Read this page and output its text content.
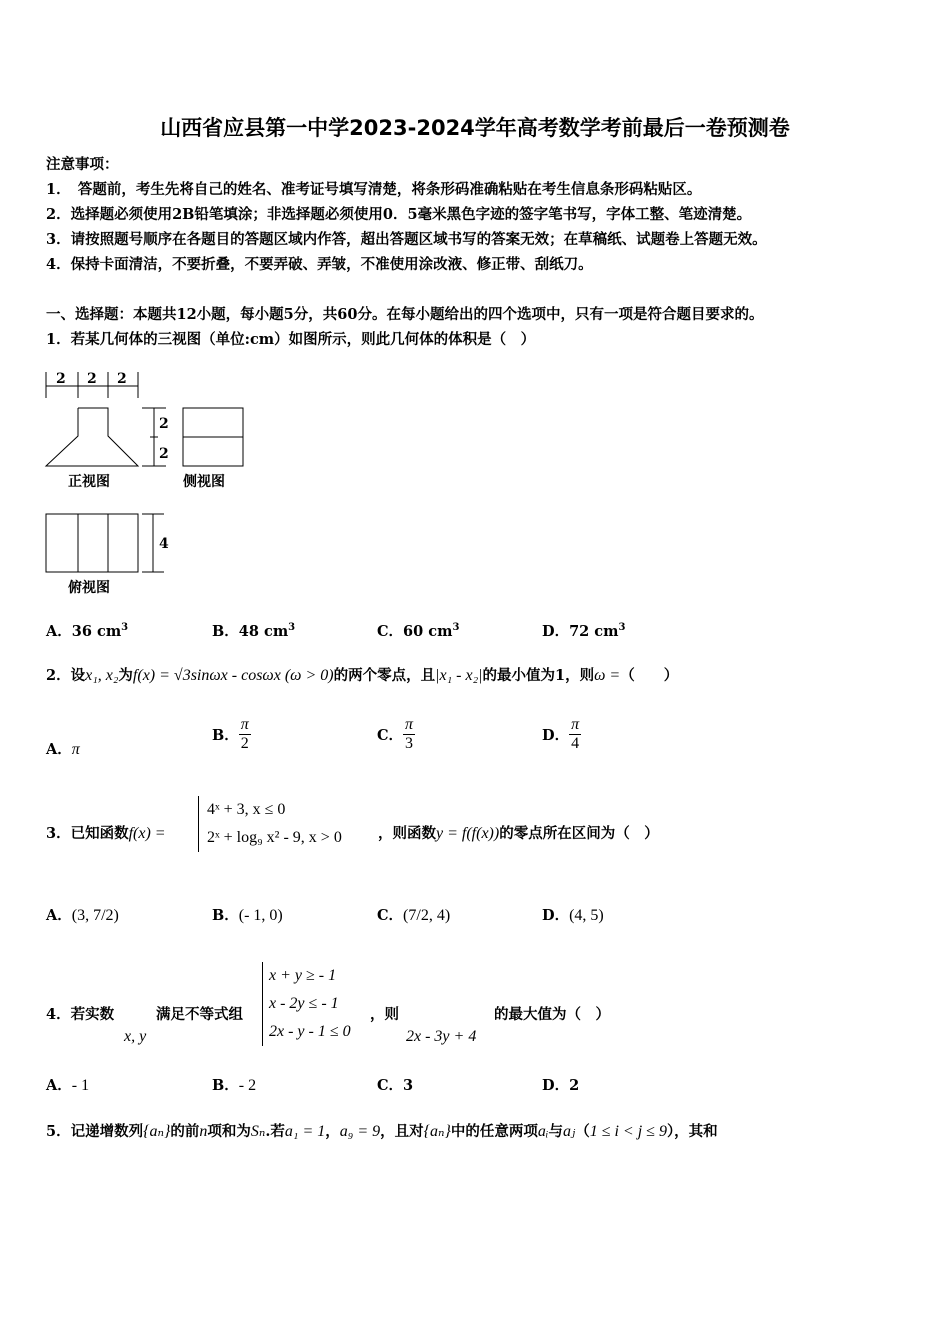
山西省应县第一中学2023-2024学年高考数学考前最后一卷预测卷
注意事项：
1．　答题前，考生先将自己的姓名、准考证号填写清楚，将条形码准确粘贴在考生信息条形码粘贴区。
2．选择题必须使用2B铅笔填涂；非选择题必须使用0．5毫米黑色字迹的签字笔书写，字体工整、笔迹清楚。
3．请按照题号顺序在各题目的答题区域内作答，超出答题区域书写的答案无效；在草稿纸、试题卷上答题无效。
4．保持卡面清洁，不要折叠，不要弄破、弄皱，不准使用涂改液、修正带、刮纸刀。
一、选择题：本题共12小题，每小题5分，共60分。在每小题给出的四个选项中，只有一项是符合题目要求的。
1．若某几何体的三视图（单位:cm）如图所示，则此几何体的体积是（　）
2 2 2
2
2
4
正视图	侧视图
俯视图
A．36 $cm^3$	B．48 $cm^3$	C．60 $cm^3$	D．72 $cm^3$
2．设x₁, x₂为f(x) = √3sinωx - cosωx (ω > 0)的两个零点，且|x₁ - x₂|的最小值为1，则ω =（　　）
A．π
B． $\frac{\pi}{2}$	C． $\frac{\pi}{3}$	D． $\frac{\pi}{4}$
3．已知函数f(x) =
4ˣ + 3, x ≤ 0
2ˣ + log₉ x² - 9, x > 0 ，则函数y = f(f(x))的零点所在区间为（　）
A．(3, 7/2)	B．(- 1, 0)	C．(7/2, 4)	D．(4, 5)
4．若实数
x, y
满足不等式组
x + y ≥ - 1
x - 2y ≤ - 1
2x - y - 1 ≤ 0
，则
2x - 3y + 4
的最大值为（　）
A．- 1	B．- 2	C．3	D．2
5．记递增数列{aₙ}的前n项和为Sₙ.若a₁ = 1，a₉ = 9，且对{aₙ}中的任意两项aᵢ与aⱼ（1 ≤ i < j ≤ 9），其和
